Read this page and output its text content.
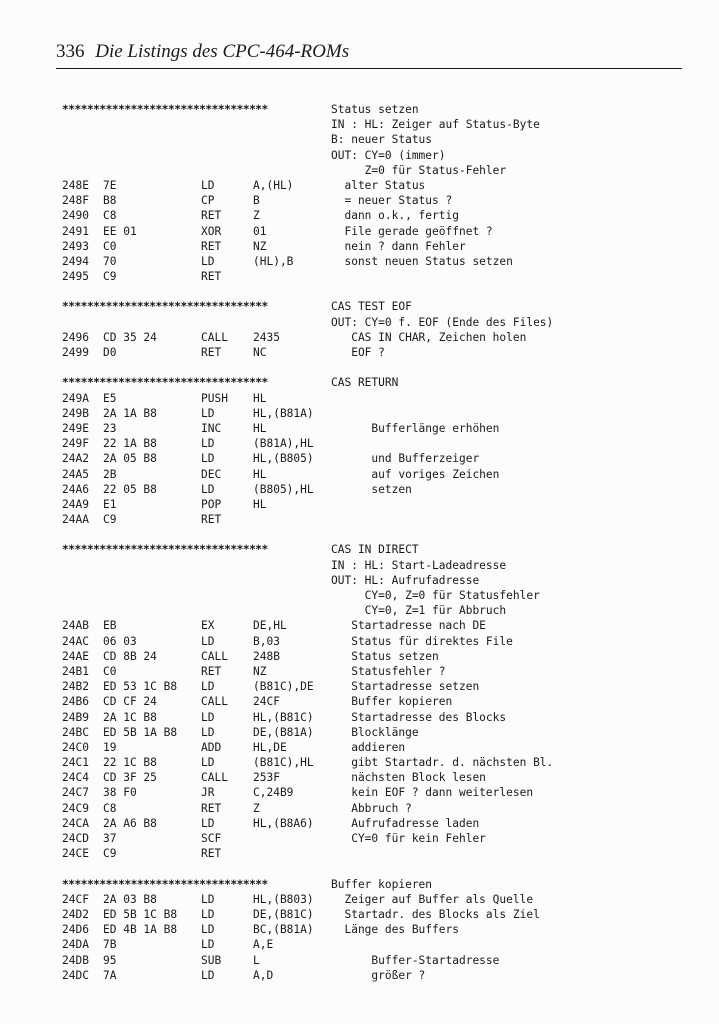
336 Die Listings des CPC-464-ROMs
*********************************	Status setzen
IN : HL: Zeiger auf Status-Byte
B: neuer Status
OUT: CY=0 (immer)
Z=0 für Status-Fehler
248E 7E	LD	A,(HL)	alter Status
248F B8	CP	B	= neuer Status ?
2490 C8	RET	Z	dann o.k., fertig
2491 EE 01	XOR	01	File gerade geöffnet ?
2493 C0	RET	NZ	nein ? dann Fehler
2494 70	LD	(HL),B	sonst neuen Status setzen
2495 C9	RET
*********************************	CAS TEST EOF
OUT: CY=0 f. EOF (Ende des Files)
2496 CD 35 24	CALL 2435	CAS IN CHAR, Zeichen holen
2499 D0	RET	NC	EOF ?
*********************************	CAS RETURN
249A E5	PUSH HL
249B 2A 1A B8	LD	HL,(B81A)
249E 23	INC	HL	Bufferlänge erhöhen
249F 22 1A B8	LD	(B81A),HL
24A2 2A 05 B8	LD	HL,(B805) und Bufferzeiger
24A5 2B	DEC	HL	auf voriges Zeichen
24A6 22 05 B8	LD	(B805),HL setzen
24A9 E1	POP	HL
24AA C9	RET
*********************************	CAS IN DIRECT
IN : HL: Start-Ladeadresse
OUT: HL: Aufrufadresse
CY=0, Z=0 für Statusfehler
CY=0, Z=1 für Abbruch
24AB EB	EX	DE,HL	Startadresse nach DE
24AC 06 03	LD	B,03	Status für direktes File
24AE CD 8B 24	CALL 248B	Status setzen
24B1 C0	RET	NZ	Statusfehler ?
24B2 ED 53 1C B8 LD	(B81C),DE Startadresse setzen
24B6 CD CF 24	CALL 24CF	Buffer kopieren
24B9 2A 1C B8	LD	HL,(B81C) Startadresse des Blocks
24BC ED 5B 1A B8 LD	DE,(B81A) Blocklänge
24C0 19	ADD	HL,DE	addieren
24C1 22 1C B8	LD	(B81C),HL gibt Startadr. d. nächsten Bl.
24C4 CD 3F 25	CALL 253F	nächsten Block lesen
24C7 38 F0	JR	C,24B9	kein EOF ? dann weiterlesen
24C9 C8	RET	Z	Abbruch ?
24CA 2A A6 B8	LD	HL,(B8A6) Aufrufadresse laden
24CD 37	SCF	CY=0 für kein Fehler
24CE C9	RET
*********************************	Buffer kopieren
24CF 2A 03 B8	LD	HL,(B803) Zeiger auf Buffer als Quelle
24D2 ED 5B 1C B8 LD	DE,(B81C) Startadr. des Blocks als Ziel
24D6 ED 4B 1A B8 LD	BC,(B81A) Länge des Buffers
24DA 7B	LD	A,E
24DB 95	SUB	L	Buffer-Startadresse
24DC 7A	LD	A,D	größer ?
